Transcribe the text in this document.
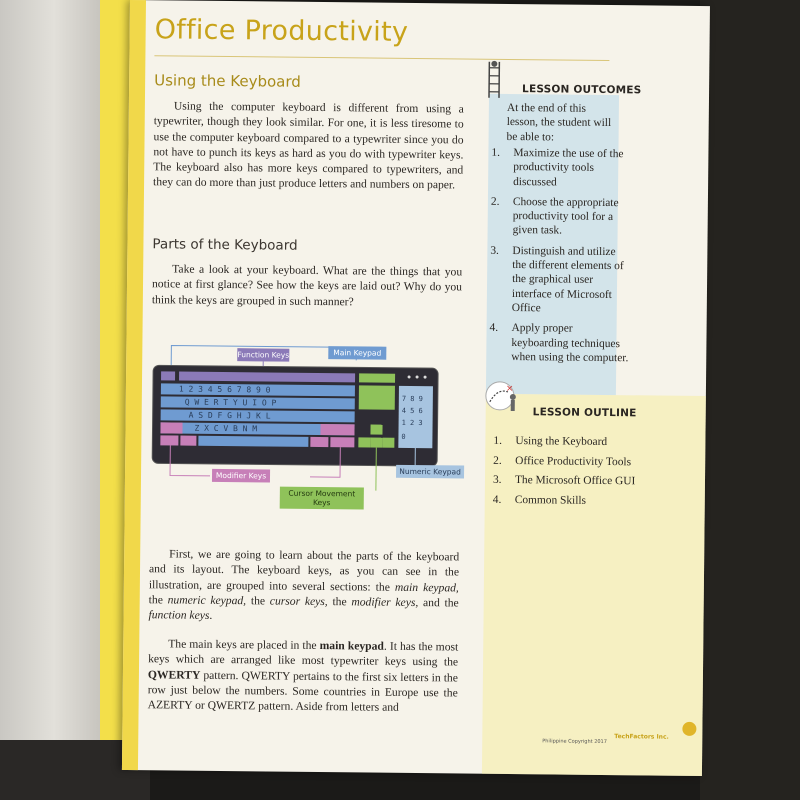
Office Productivity
Using the Keyboard

Using the computer keyboard is different from using a typewriter, though they look similar. For one, it is less tiresome to use the computer keyboard compared to a typewriter since you do not have to punch its keys as hard as you do with typewriter keys. The keyboard also has more keys compared to typewriters, and they can do more than just produce letters and numbers on paper.

Parts of the Keyboard

Take a look at your keyboard. What are the things that you notice at first glance? See how the keys are laid out? Why do you think the keys are grouped in such manner?

1 2 3 4 5 6 7 8 9 0
Q W E R T Y U I O P
A S D F G H J K L
Z X C V B N M
7 8 9
4 5 6
1 2 3
0
Function Keys	Main Keypad
Modifier Keys	Numeric Keypad
Cursor Movement Keys

First, we are going to learn about the parts of the keyboard and its layout. The keyboard keys, as you can see in the illustration, are grouped into several sections: the main keypad, the numeric keypad, the cursor keys, the modifier keys, and the function keys.

The main keys are placed in the main keypad. It has the most keys which are arranged like most typewriter keys using the QWERTY pattern. QWERTY pertains to the first six letters in the row just below the numbers. Some countries in Europe use the AZERTY or QWERTZ pattern. Aside from letters and

LESSON OUTCOMES
At the end of this lesson, the student will be able to:
1. Maximize the use of the productivity tools discussed
2. Choose the appropriate productivity tool for a given task.
3. Distinguish and utilize the different elements of the graphical user interface of Microsoft Office
4. Apply proper keyboarding techniques when using the computer.
×
LESSON OUTLINE
1. Using the Keyboard
2. Office Productivity Tools
3. The Microsoft Office GUI
4. Common Skills
Philippine Copyright 2017
TechFactors Inc.
